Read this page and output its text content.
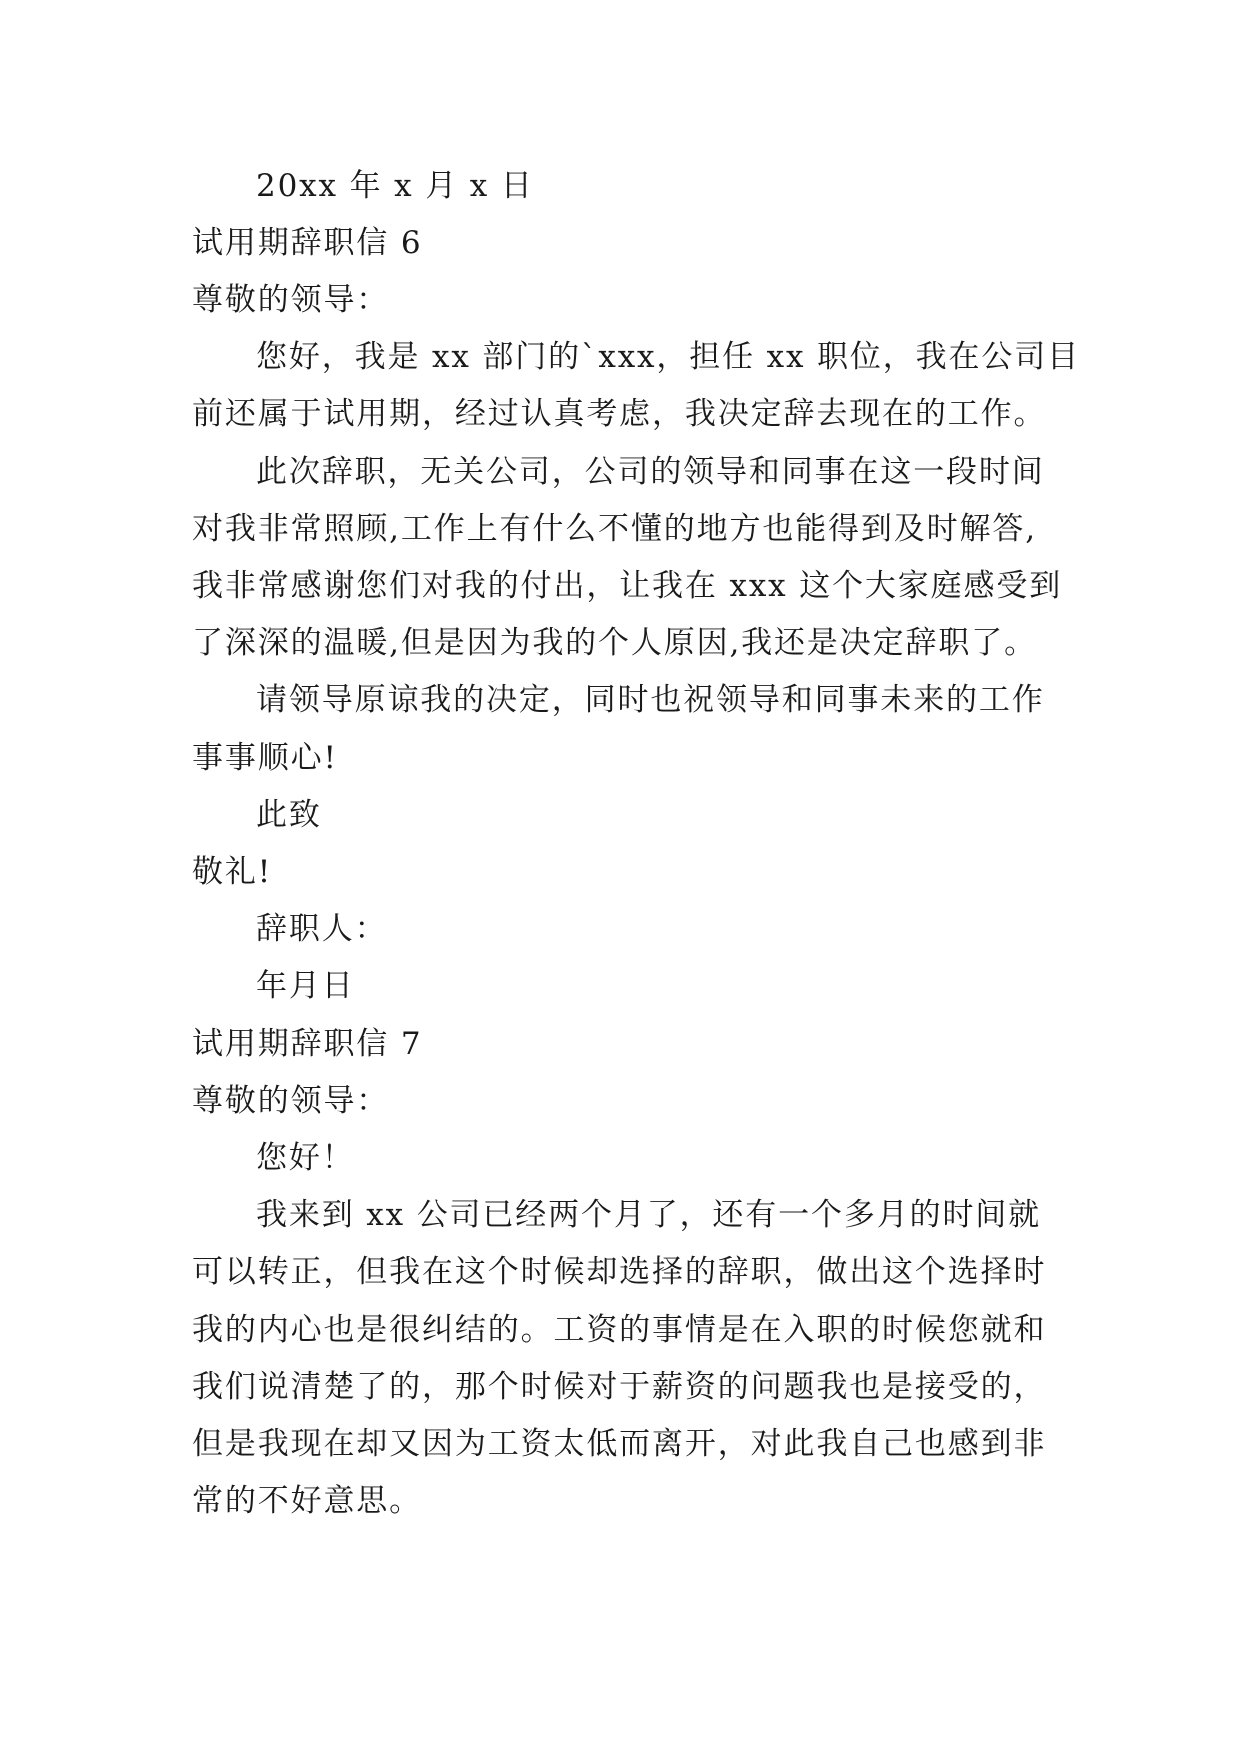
20xx 年 x 月 x 日

试用期辞职信 6

尊敬的领导：

您好，我是 xx 部门的`xxx，担任 xx 职位，我在公司目

前还属于试用期，经过认真考虑，我决定辞去现在的工作。

此次辞职，无关公司，公司的领导和同事在这一段时间

对我非常照顾,工作上有什么不懂的地方也能得到及时解答,

我非常感谢您们对我的付出，让我在 xxx 这个大家庭感受到

了深深的温暖,但是因为我的个人原因,我还是决定辞职了。

请领导原谅我的决定，同时也祝领导和同事未来的工作

事事顺心!

此致

敬礼!

辞职人：

年月日

试用期辞职信 7

尊敬的领导：

您好！

我来到 xx 公司已经两个月了，还有一个多月的时间就

可以转正，但我在这个时候却选择的辞职，做出这个选择时

我的内心也是很纠结的。工资的事情是在入职的时候您就和

我们说清楚了的，那个时候对于薪资的问题我也是接受的，

但是我现在却又因为工资太低而离开，对此我自己也感到非

常的不好意思。
